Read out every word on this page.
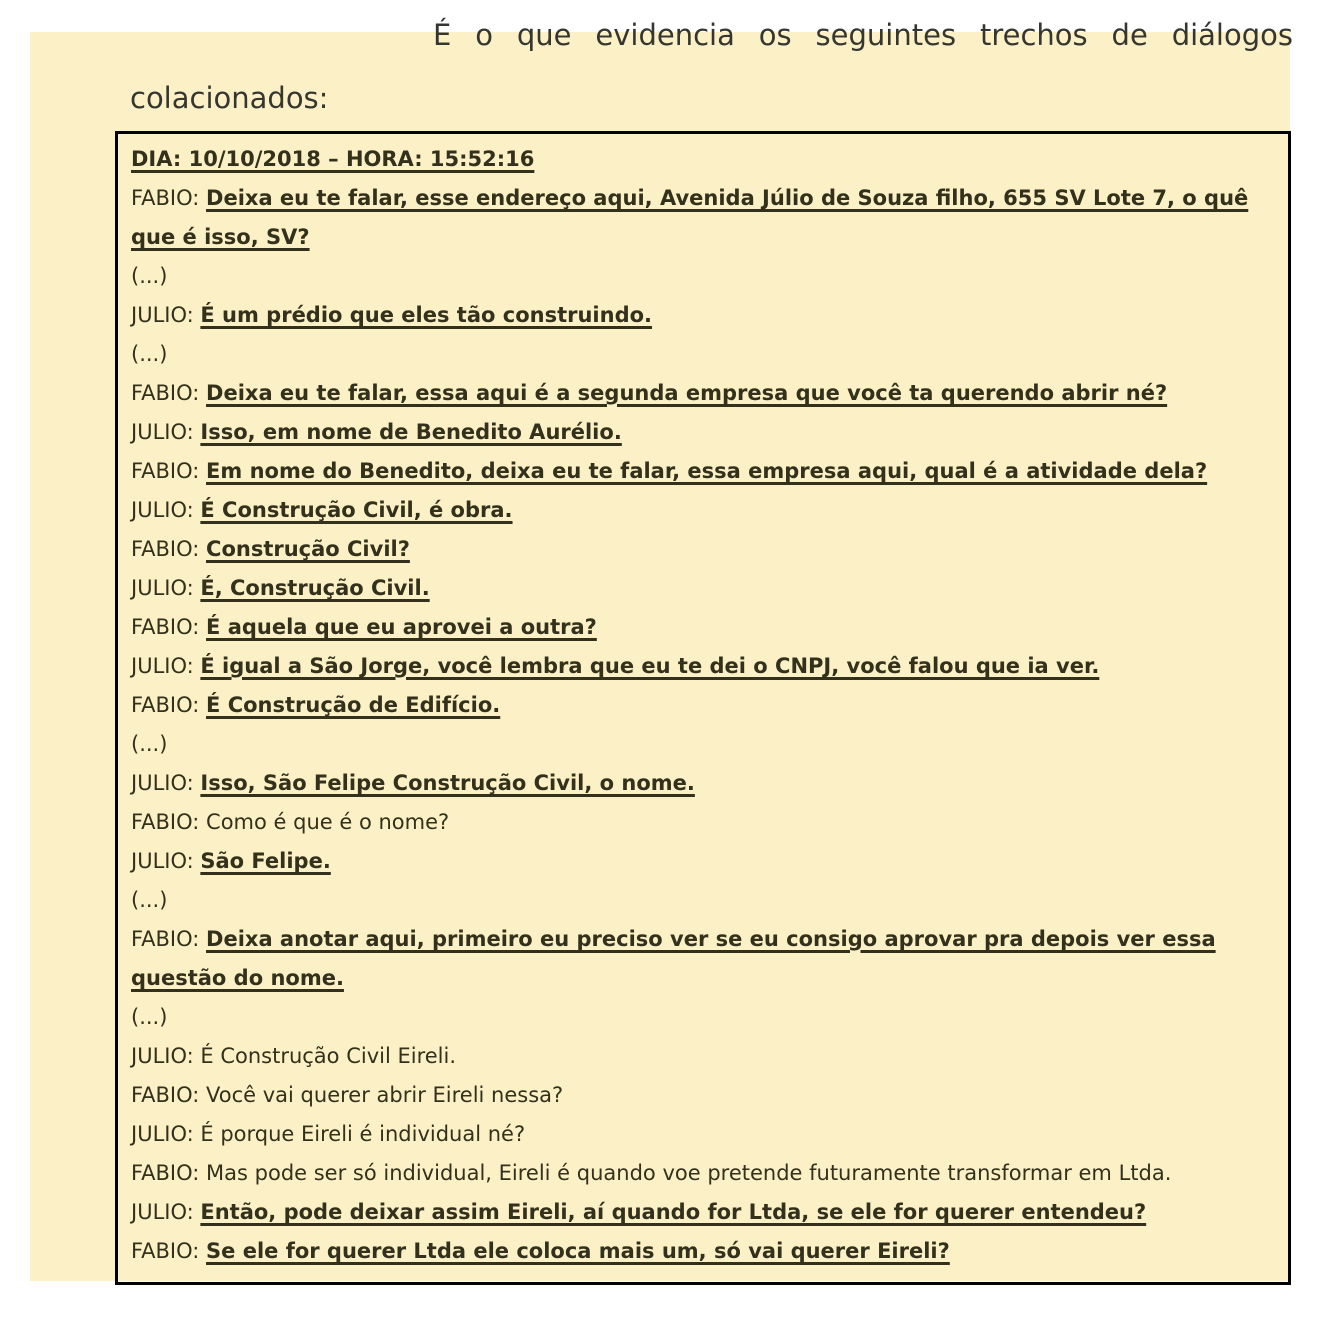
É o que evidencia os seguintes trechos de diálogos
colacionados:

DIA: 10/10/2018 – HORA: 15:52:16

FABIO: Deixa eu te falar, esse endereço aqui, Avenida Júlio de Souza filho, 655 SV Lote 7, o quê que é isso, SV?

(...)

JULIO: É um prédio que eles tão construindo.

(...)

FABIO: Deixa eu te falar, essa aqui é a segunda empresa que você ta querendo abrir né?

JULIO: Isso, em nome de Benedito Aurélio.

FABIO: Em nome do Benedito, deixa eu te falar, essa empresa aqui, qual é a atividade dela?

JULIO: É Construção Civil, é obra.

FABIO: Construção Civil?

JULIO: É, Construção Civil.

FABIO: É aquela que eu aprovei a outra?

JULIO: É igual a São Jorge, você lembra que eu te dei o CNPJ, você falou que ia ver.

FABIO: É Construção de Edifício.

(...)

JULIO: Isso, São Felipe Construção Civil, o nome.

FABIO: Como é que é o nome?

JULIO: São Felipe.

(...)

FABIO: Deixa anotar aqui, primeiro eu preciso ver se eu consigo aprovar pra depois ver essa questão do nome.

(...)

JULIO: É Construção Civil Eireli.

FABIO: Você vai querer abrir Eireli nessa?

JULIO: É porque Eireli é individual né?

FABIO: Mas pode ser só individual, Eireli é quando voe pretende futuramente transformar em Ltda.

JULIO: Então, pode deixar assim Eireli, aí quando for Ltda, se ele for querer entendeu?

FABIO: Se ele for querer Ltda ele coloca mais um, só vai querer Eireli?
